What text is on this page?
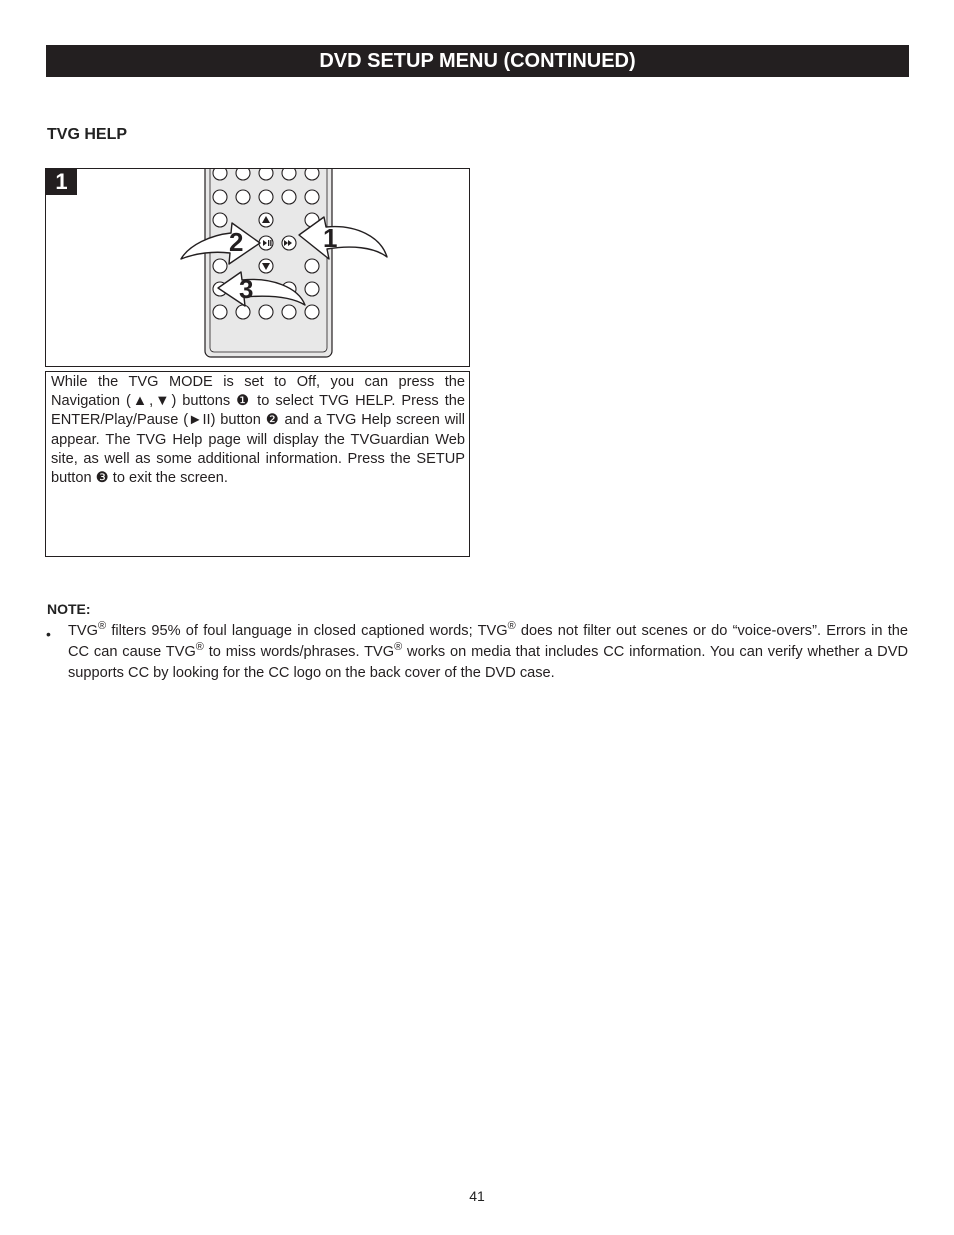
DVD SETUP MENU (CONTINUED)
TVG HELP
1
2
3
1

While the TVG MODE is set to Off, you can press the Navigation (▲,▼) buttons ❶ to select TVG HELP. Press the ENTER/Play/Pause (►II) button ❷ and a TVG Help screen will appear. The TVG Help page will display the TVGuardian Web site, as well as some additional information. Press the SETUP button ❸ to exit the screen.

NOTE:
• TVG® filters 95% of foul language in closed captioned words; TVG® does not filter out scenes or do “voice-overs”. Errors in the CC can cause TVG® to miss words/phrases. TVG® works on media that includes CC information. You can verify whether a DVD supports CC by looking for the CC logo on the back cover of the DVD case.

41
